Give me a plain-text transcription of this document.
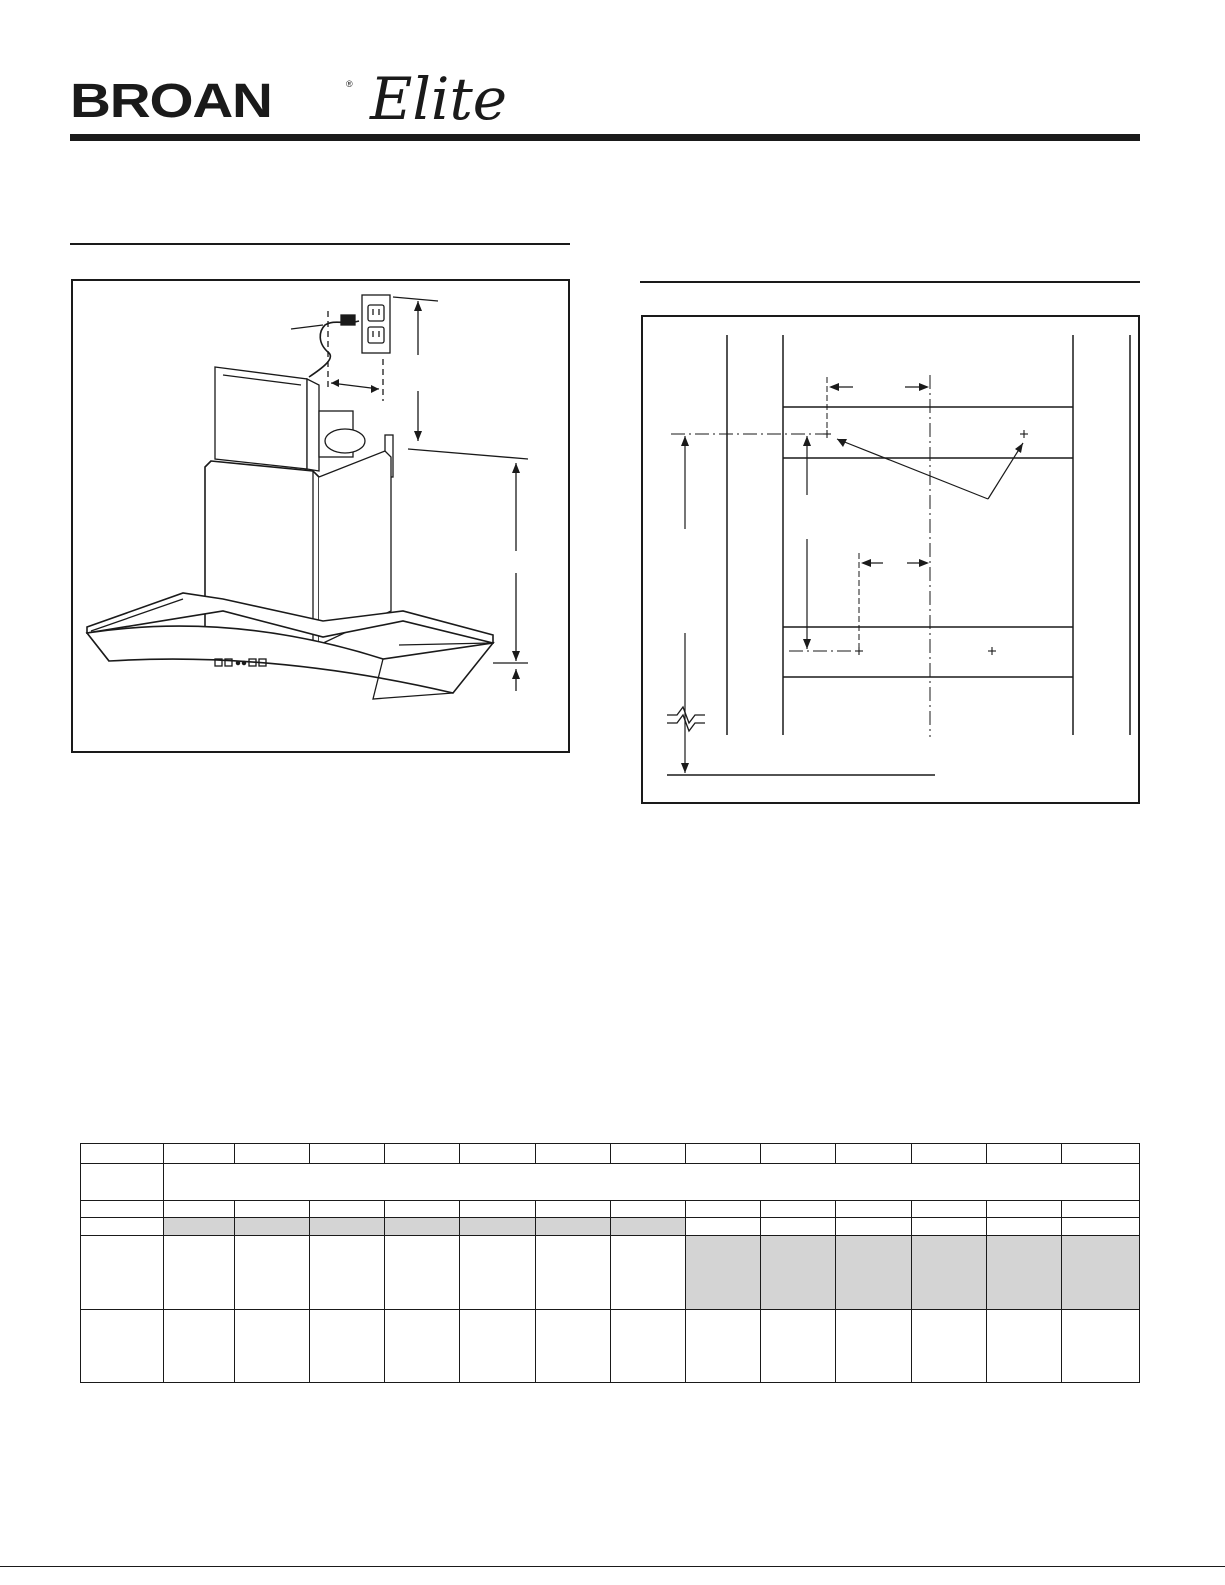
BROAN	® Elite
